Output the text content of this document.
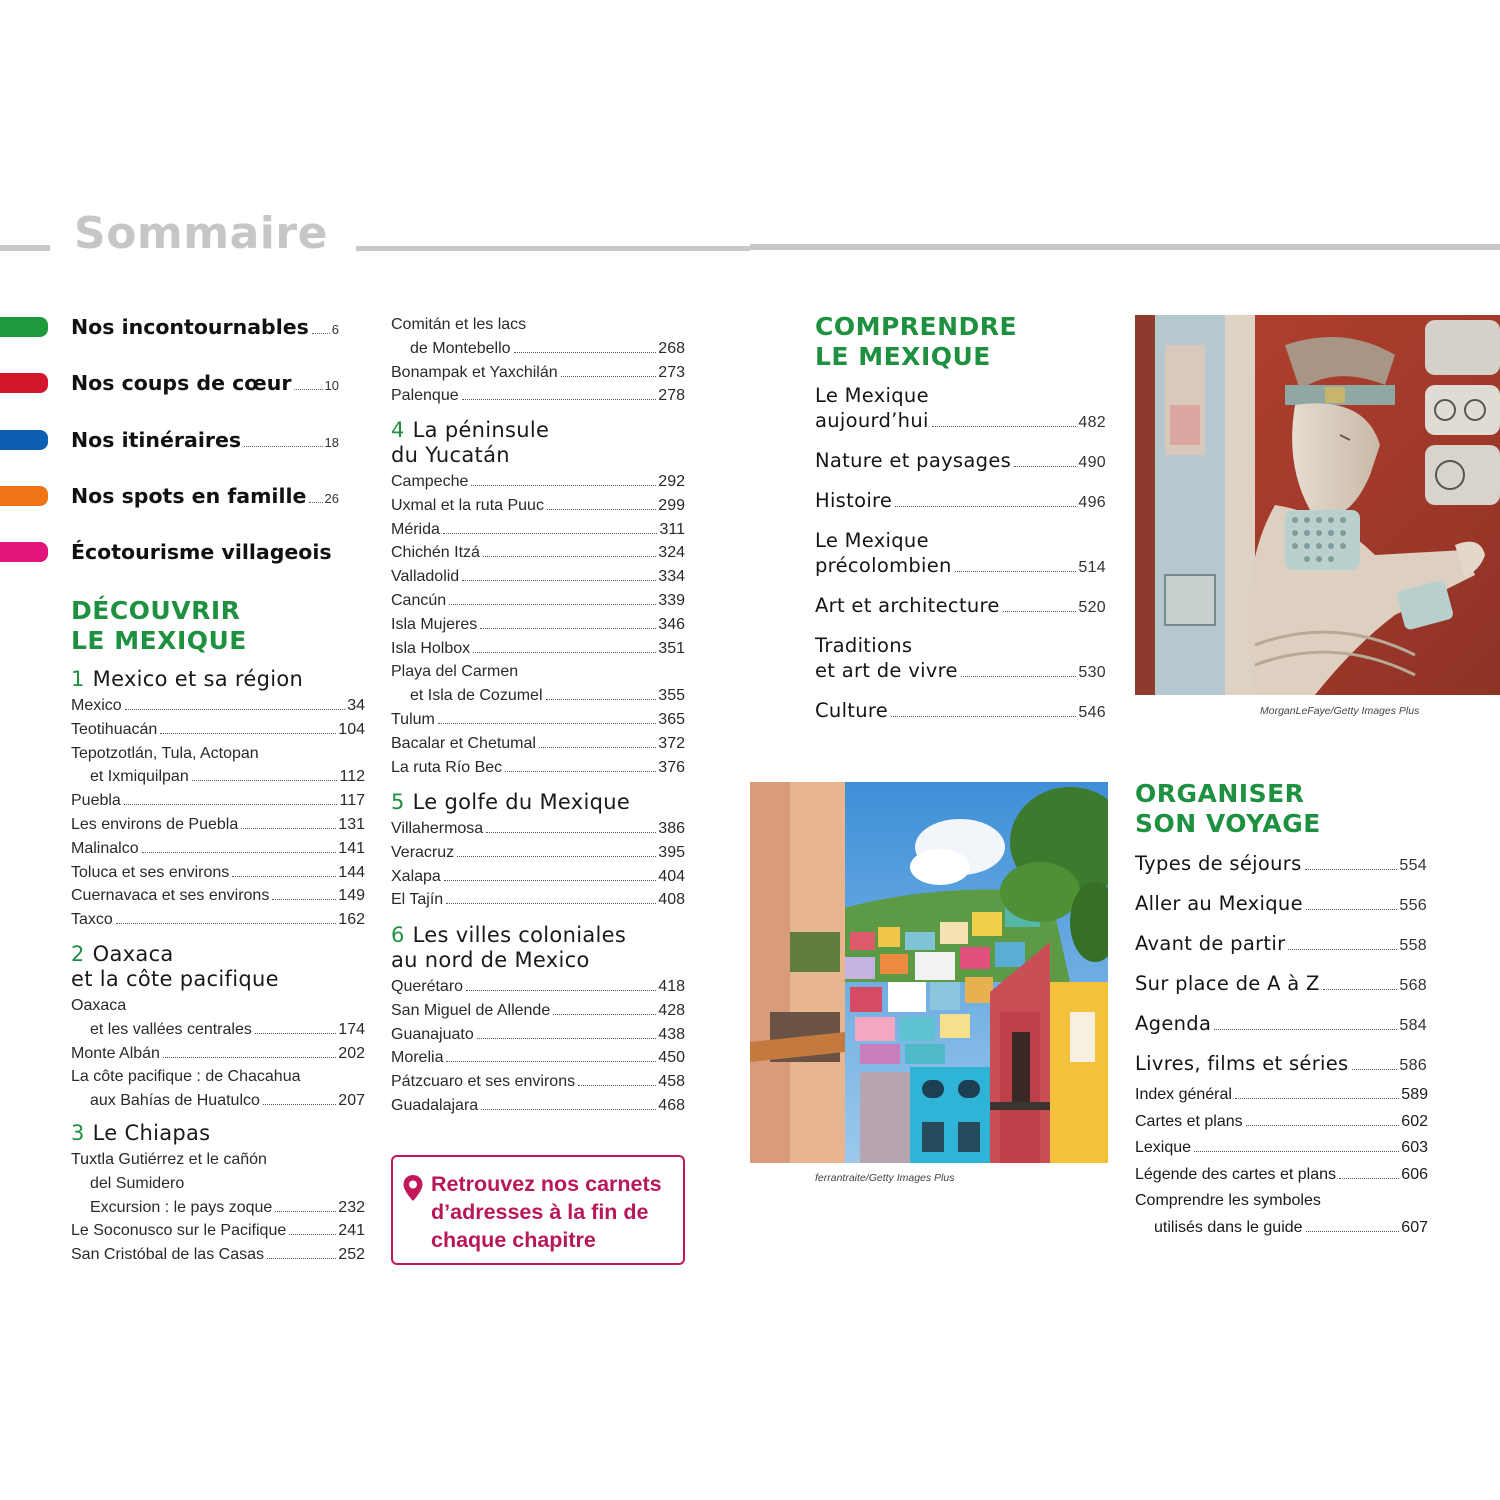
Sommaire
Nos incontournables 6
Nos coups de cœur	10
Nos itinéraires	18
Nos spots en famille 26
Écotourisme villageois
DÉCOUVRIR
LE MEXIQUE
1 Mexico et sa région
Mexico	34
Teotihuacán	104
Tepotzotlán, Tula, Actopan
et Ixmiquilpan	112
Puebla	117
Les environs de Puebla	131
Malinalco	141
Toluca et ses environs	144
Cuernavaca et ses environs	149
Taxco	162
2 Oaxaca
et la côte pacifique
Oaxaca
et les vallées centrales	174
Monte Albán	202
La côte pacifique : de Chacahua
aux Bahías de Huatulco	207
3 Le Chiapas
Tuxtla Gutiérrez et le cañón
del Sumidero
Excursion : le pays zoque	232
Le Soconusco sur le Pacifique	241
San Cristóbal de las Casas	252
Comitán et les lacs
de Montebello	268
Bonampak et Yaxchilán	273
Palenque	278
4 La péninsule
du Yucatán
Campeche	292
Uxmal et la ruta Puuc	299
Mérida	311
Chichén Itzá	324
Valladolid	334
Cancún	339
Isla Mujeres	346
Isla Holbox	351
Playa del Carmen
et Isla de Cozumel	355
Tulum	365
Bacalar et Chetumal	372
La ruta Río Bec	376
5 Le golfe du Mexique
Villahermosa	386
Veracruz	395
Xalapa	404
El Tajín	408
6 Les villes coloniales
au nord de Mexico
Querétaro	418
San Miguel de Allende	428
Guanajuato	438
Morelia	450
Pátzcuaro et ses environs	458
Guadalajara	468
Retrouvez nos carnets
d’adresses à la fin de
chaque chapitre
COMPRENDRE
LE MEXIQUE
Le Mexique
aujourd’hui	482
Nature et paysages	490
Histoire	496
Le Mexique
précolombien	514
Art et architecture	520
Traditions
et art de vivre	530
Culture	546	MorganLeFaye/Getty Images Plus
ferrantraite/Getty Images Plus
ORGANISER
SON VOYAGE
Types de séjours	554
Aller au Mexique	556
Avant de partir	558
Sur place de A à Z	568
Agenda	584
Livres, films et séries	586
Index général	589
Cartes et plans	602
Lexique	603
Légende des cartes et plans	606
Comprendre les symboles
utilisés dans le guide	607
